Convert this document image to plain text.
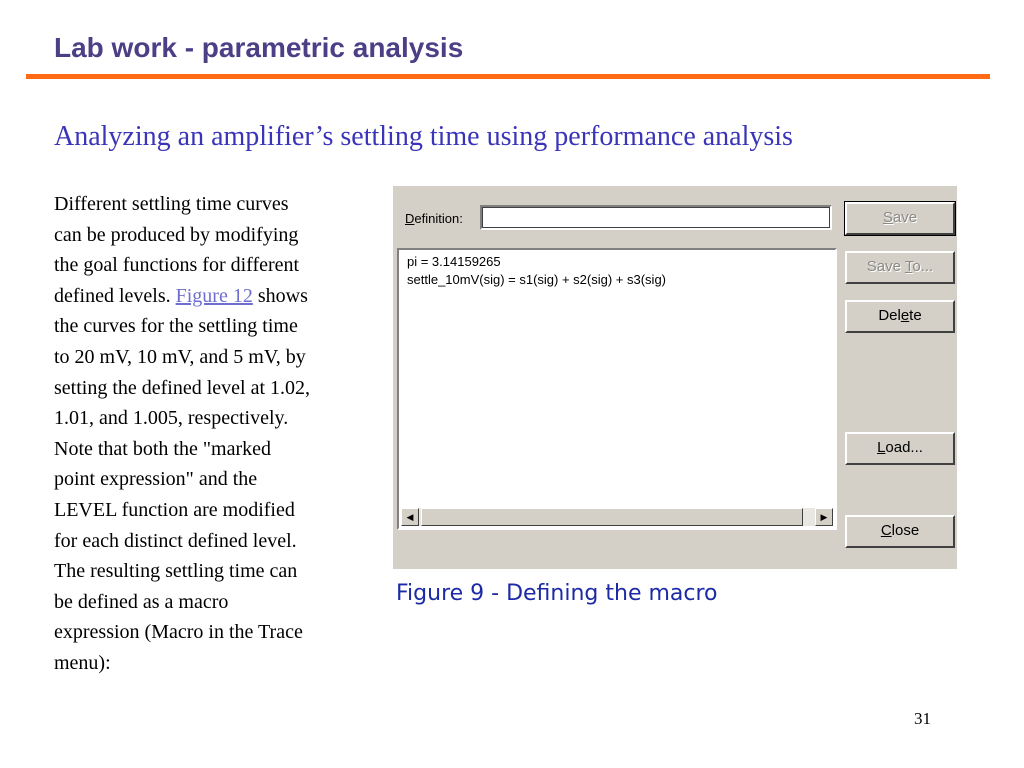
Lab work - parametric analysis
Analyzing an amplifier’s settling time using performance analysis

Different settling time curves

can be produced by modifying

the goal functions for different

defined levels. Figure 12 shows

the curves for the settling time

to 20 mV, 10 mV, and 5 mV, by

setting the defined level at 1.02,

1.01, and 1.005, respectively.

Note that both the "marked

point expression" and the

LEVEL function are modified

for each distinct defined level.

The resulting settling time can

be defined as a macro

expression (Macro in the Trace

menu):

Definition:
pi = 3.14159265
settle_10mV(sig) = s1(sig) + s2(sig) + s3(sig)
◀	▶
Save
Save To...
Delete
Load...
Close
Figure 9 - Defining the macro
31
